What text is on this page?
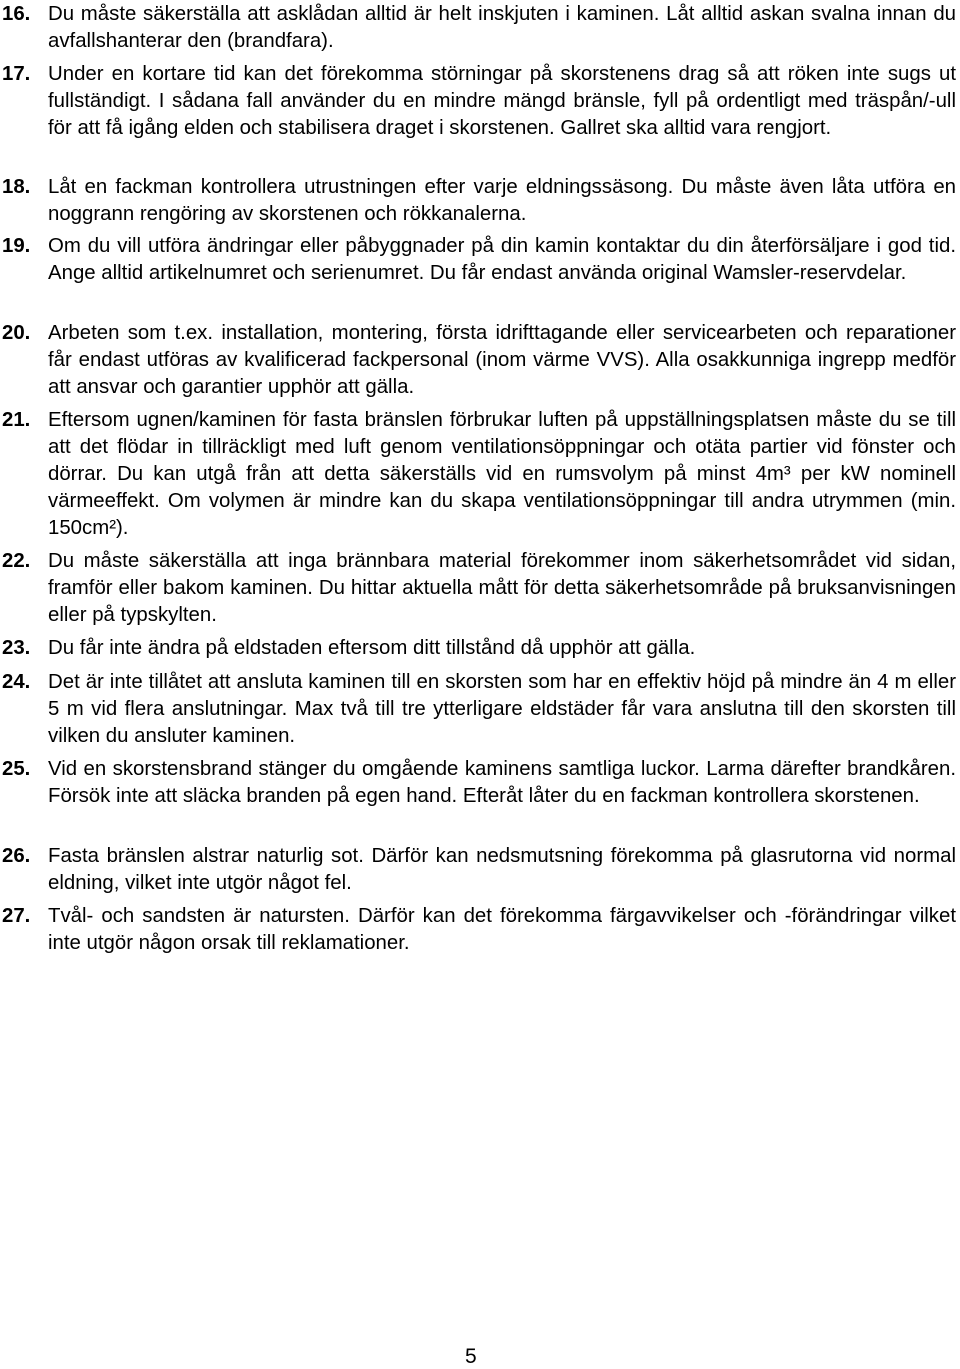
16. Du måste säkerställa att asklådan alltid är helt inskjuten i kaminen. Låt alltid askan svalna innan du avfallshanterar den (brandfara).
17. Under en kortare tid kan det förekomma störningar på skorstenens drag så att röken inte sugs ut fullständigt. I sådana fall använder du en mindre mängd bränsle, fyll på ordentligt med träspån/-ull för att få igång elden och stabilisera draget i skorstenen. Gallret ska alltid vara rengjort.
18. Låt en fackman kontrollera utrustningen efter varje eldningssäsong. Du måste även låta utföra en noggrann rengöring av skorstenen och rökkanalerna.
19. Om du vill utföra ändringar eller påbyggnader på din kamin kontaktar du din återförsäljare i god tid. Ange alltid artikelnumret och serienumret. Du får endast använda original Wamsler-reservdelar.
20. Arbeten som t.ex. installation, montering, första idrifttagande eller servicearbeten och reparationer får endast utföras av kvalificerad fackpersonal (inom värme VVS). Alla osakkunniga ingrepp medför att ansvar och garantier upphör att gälla.
21. Eftersom ugnen/kaminen för fasta bränslen förbrukar luften på uppställningsplatsen måste du se till att det flödar in tillräckligt med luft genom ventilationsöppningar och otäta partier vid fönster och dörrar. Du kan utgå från att detta säkerställs vid en rumsvolym på minst 4m³ per kW nominell värmeeffekt. Om volymen är mindre kan du skapa ventilationsöppningar till andra utrymmen (min. 150cm²).
22. Du måste säkerställa att inga brännbara material förekommer inom säkerhetsområdet vid sidan, framför eller bakom kaminen. Du hittar aktuella mått för detta säkerhetsområde på bruksanvisningen eller på typskylten.
23. Du får inte ändra på eldstaden eftersom ditt tillstånd då upphör att gälla.
24. Det är inte tillåtet att ansluta kaminen till en skorsten som har en effektiv höjd på mindre än 4 m eller 5 m vid flera anslutningar. Max två till tre ytterligare eldstäder får vara anslutna till den skorsten till vilken du ansluter kaminen.
25. Vid en skorstensbrand stänger du omgående kaminens samtliga luckor. Larma därefter brandkåren. Försök inte att släcka branden på egen hand. Efteråt låter du en fackman kontrollera skorstenen.
26. Fasta bränslen alstrar naturlig sot. Därför kan nedsmutsning förekomma på glasrutorna vid normal eldning, vilket inte utgör något fel.
27. Tvål- och sandsten är natursten. Därför kan det förekomma färgavvikelser och -förändringar vilket inte utgör någon orsak till reklamationer.
5
